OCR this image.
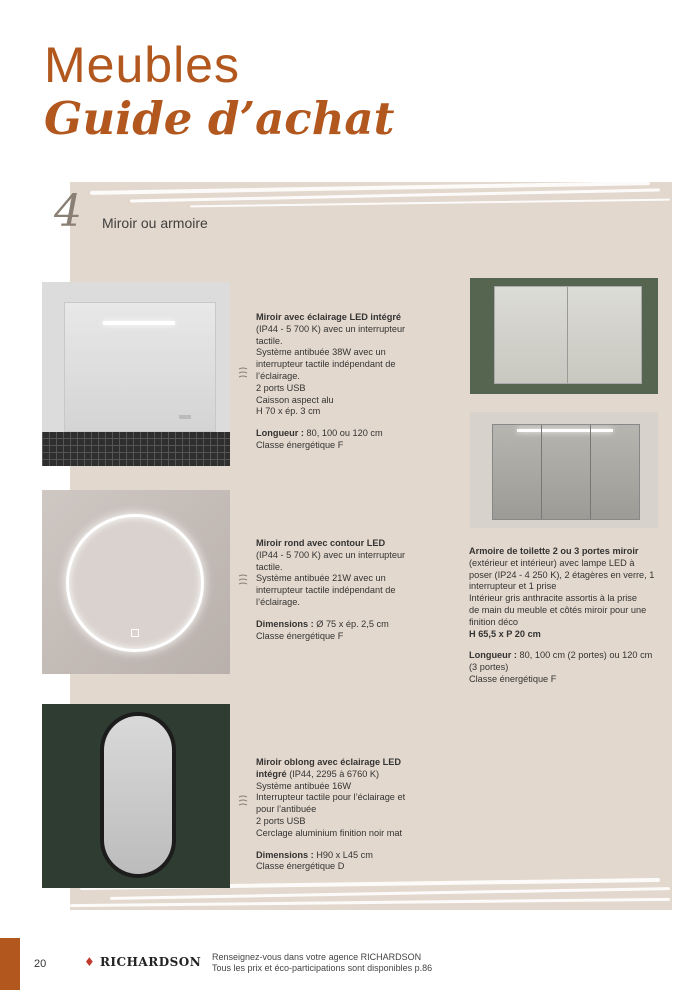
Meubles
Guide d’achat
4 Miroir ou armoire

Miroir avec éclairage LED intégré

(IP44 - 5 700 K) avec un interrupteur

tactile.

Système antibuée 38W avec un

interrupteur tactile indépendant de

l’éclairage.

2 ports USB

Caisson aspect alu

H 70 x ép. 3 cm

Longueur : 80, 100 ou 120 cm

Classe énergétique F

Miroir rond avec contour LED

(IP44 - 5 700 K) avec un interrupteur

tactile.

Système antibuée 21W avec un

interrupteur tactile indépendant de

l’éclairage.

Dimensions : Ø 75 x ép. 2,5 cm

Classe énergétique F

Miroir oblong avec éclairage LED

intégré (IP44, 2295 à 6760 K)

Système antibuée 16W

Interrupteur tactile pour l’éclairage et

pour l’antibuée

2 ports USB

Cerclage aluminium finition noir mat

Dimensions : H90 x L45 cm

Classe énergétique D

Armoire de toilette 2 ou 3 portes miroir

(extérieur et intérieur) avec lampe LED à

poser (IP24 - 4 250 K), 2 étagères en verre, 1

interrupteur et 1 prise

Intérieur gris anthracite assortis à la prise

de main du meuble et côtés miroir pour une

finition déco

H 65,5 x P 20 cm

Longueur : 80, 100 cm (2 portes) ou 120 cm

(3 portes)

Classe énergétique F

20	♦ RICHARDSON Renseignez-vous dans votre agence RICHARDSON
Tous les prix et éco-participations sont disponibles p.86
